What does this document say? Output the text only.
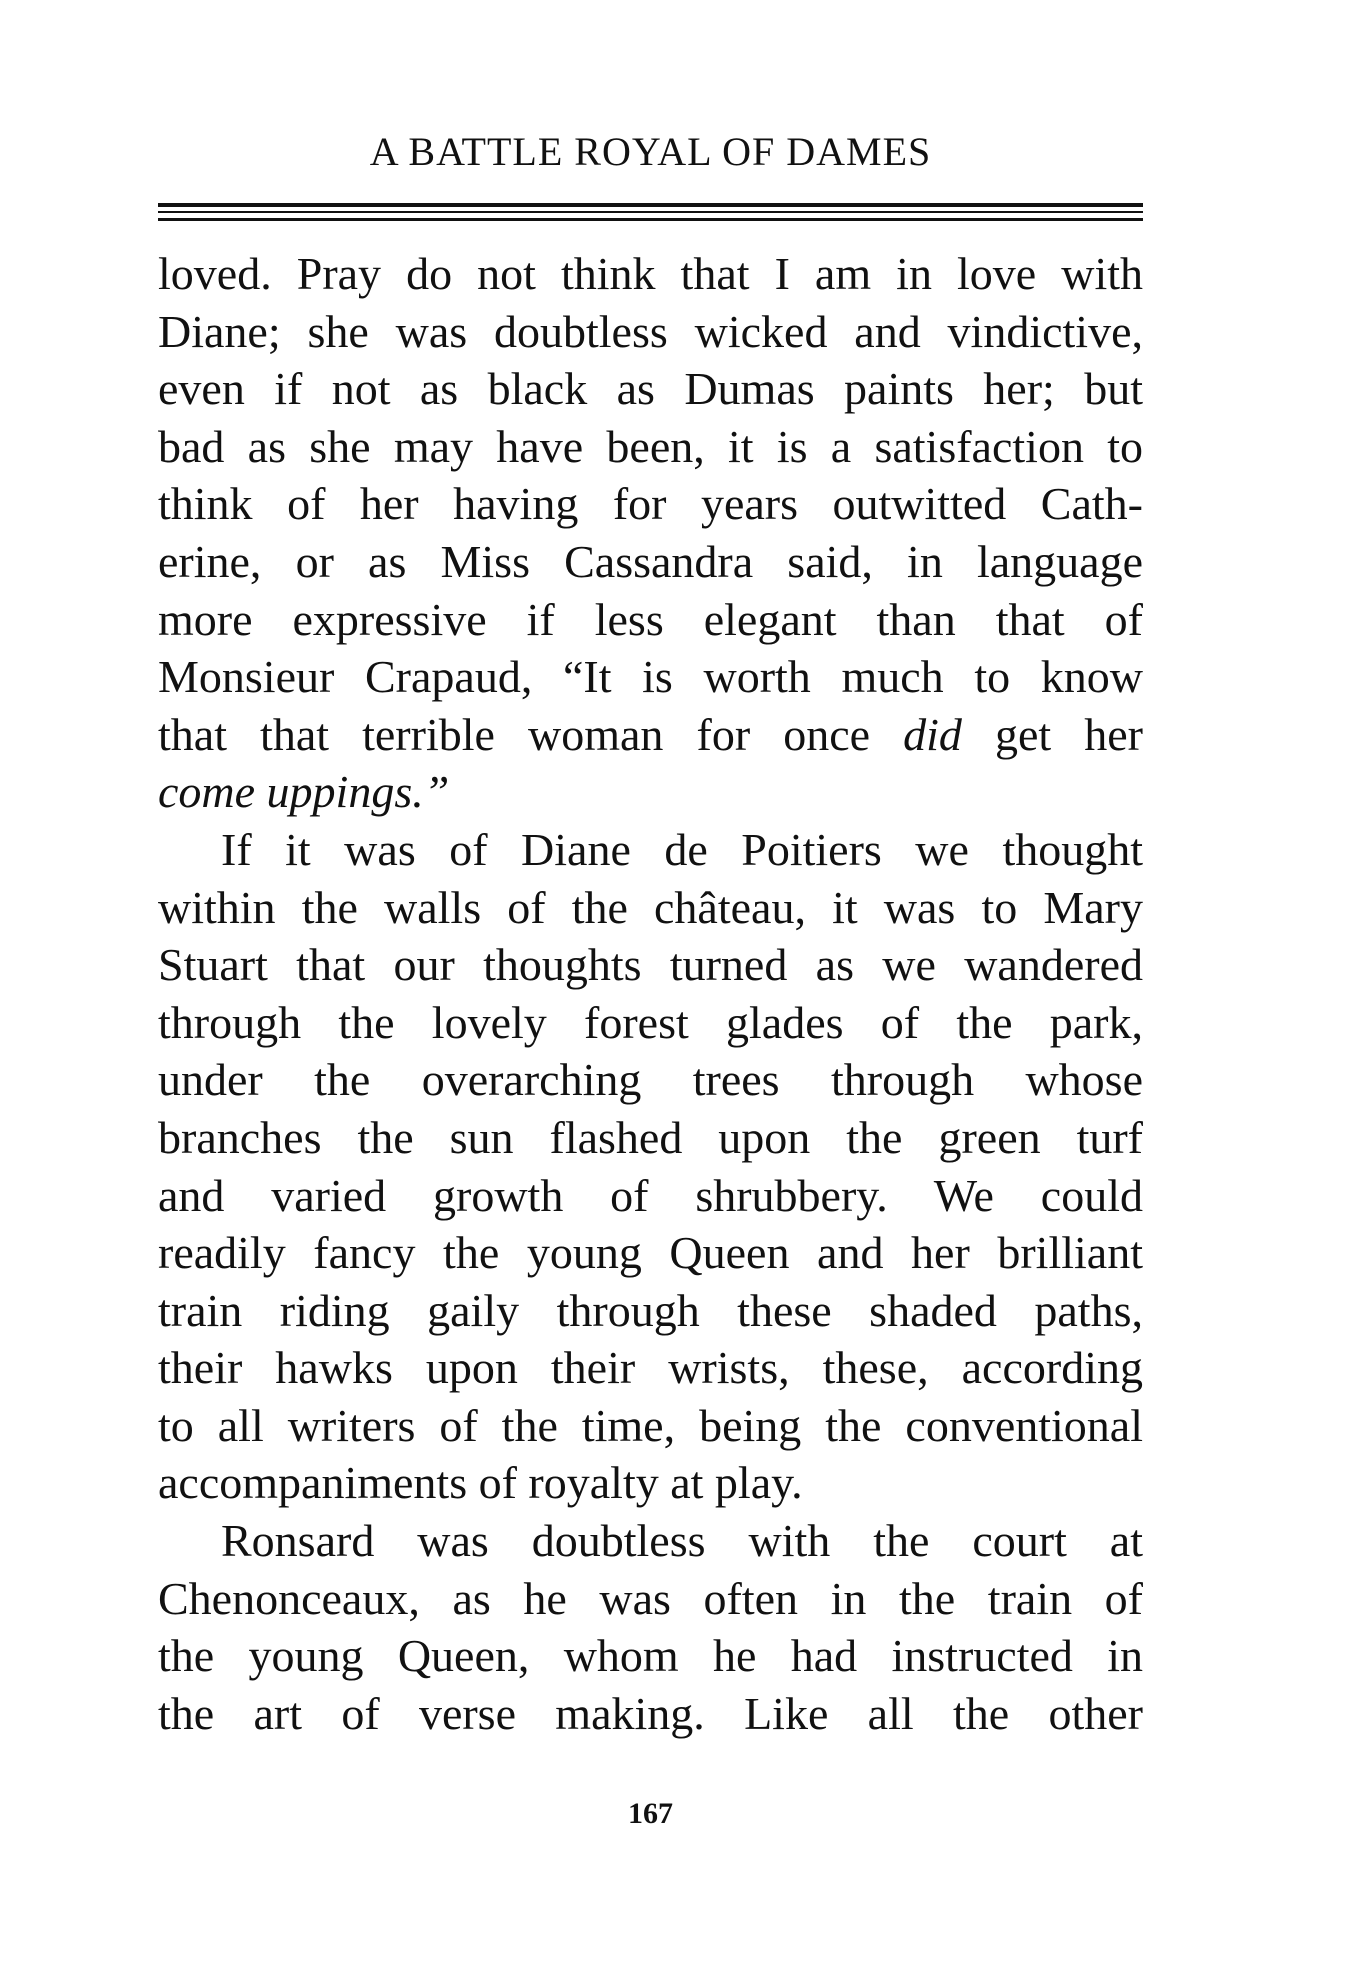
A BATTLE ROYAL OF DAMES
loved. Pray do not think that I am in love with
Diane; she was doubtless wicked and vindictive,
even if not as black as Dumas paints her; but
bad as she may have been, it is a satisfaction to
think of her having for years outwitted Cath-
erine, or as Miss Cassandra said, in language
more expressive if less elegant than that of
Monsieur Crapaud, “It is worth much to know
that that terrible woman for once did get her
come uppings.”
If it was of Diane de Poitiers we thought
within the walls of the château, it was to Mary
Stuart that our thoughts turned as we wandered
through the lovely forest glades of the park,
under the overarching trees through whose
branches the sun flashed upon the green turf
and varied growth of shrubbery. We could
readily fancy the young Queen and her brilliant
train riding gaily through these shaded paths,
their hawks upon their wrists, these, according
to all writers of the time, being the conventional
accompaniments of royalty at play.
Ronsard was doubtless with the court at
Chenonceaux, as he was often in the train of
the young Queen, whom he had instructed in
the art of verse making. Like all the other
167
